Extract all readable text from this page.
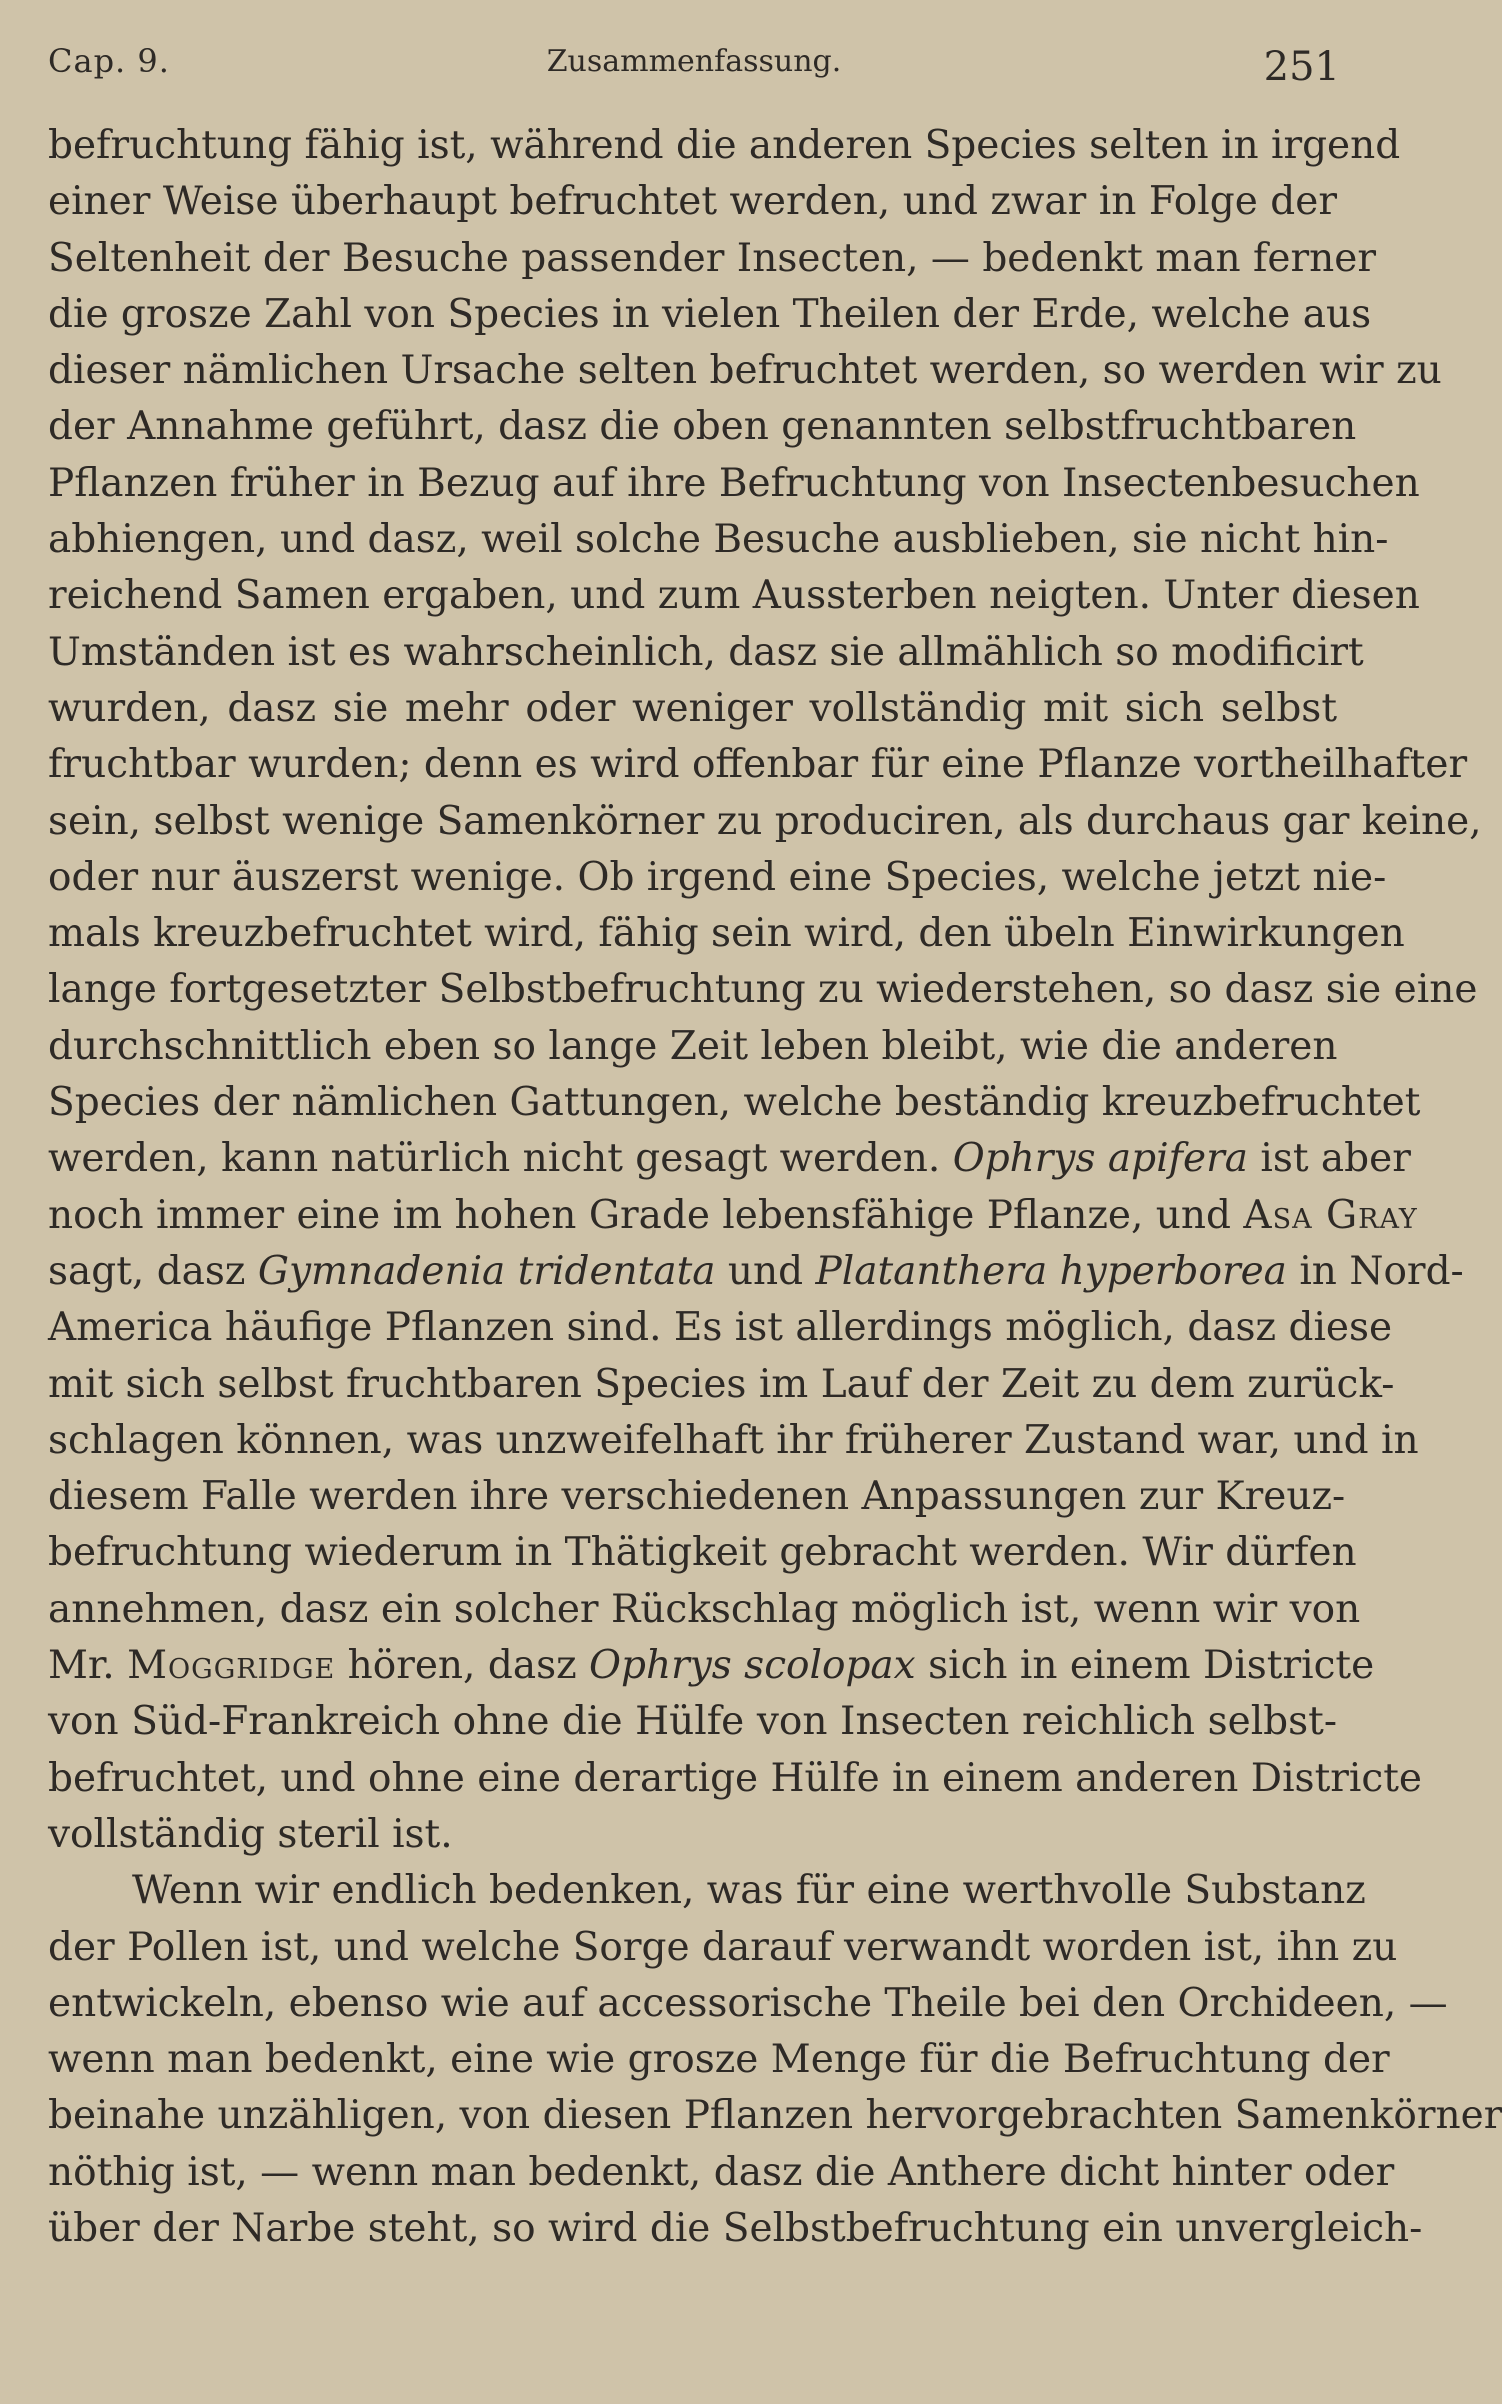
Cap. 9.	Zusammenfassung.	251
befruchtung fähig ist, während die anderen Species selten in irgend
einer Weise überhaupt befruchtet werden, und zwar in Folge der
Seltenheit der Besuche passender Insecten, — bedenkt man ferner
die grosze Zahl von Species in vielen Theilen der Erde, welche aus
dieser nämlichen Ursache selten befruchtet werden, so werden wir zu
der Annahme geführt, dasz die oben genannten selbstfruchtbaren
Pflanzen früher in Bezug auf ihre Befruchtung von Insectenbesuchen
abhiengen, und dasz, weil solche Besuche ausblieben, sie nicht hin-
reichend Samen ergaben, und zum Aussterben neigten. Unter diesen
Umständen ist es wahrscheinlich, dasz sie allmählich so modificirt
wurden, dasz sie mehr oder weniger vollständig mit sich selbst
fruchtbar wurden; denn es wird offenbar für eine Pflanze vortheilhafter
sein, selbst wenige Samenkörner zu produciren, als durchaus gar keine,
oder nur äuszerst wenige. Ob irgend eine Species, welche jetzt nie-
mals kreuzbefruchtet wird, fähig sein wird, den übeln Einwirkungen
lange fortgesetzter Selbstbefruchtung zu wiederstehen, so dasz sie eine
durchschnittlich eben so lange Zeit leben bleibt, wie die anderen
Species der nämlichen Gattungen, welche beständig kreuzbefruchtet
werden, kann natürlich nicht gesagt werden. Ophrys apifera ist aber
noch immer eine im hohen Grade lebensfähige Pflanze, und Asa Gray
sagt, dasz Gymnadenia tridentata und Platanthera hyperborea in Nord-
America häufige Pflanzen sind. Es ist allerdings möglich, dasz diese
mit sich selbst fruchtbaren Species im Lauf der Zeit zu dem zurück-
schlagen können, was unzweifelhaft ihr früherer Zustand war, und in
diesem Falle werden ihre verschiedenen Anpassungen zur Kreuz-
befruchtung wiederum in Thätigkeit gebracht werden. Wir dürfen
annehmen, dasz ein solcher Rückschlag möglich ist, wenn wir von
Mr. Moggridge hören, dasz Ophrys scolopax sich in einem Districte
von Süd-Frankreich ohne die Hülfe von Insecten reichlich selbst-
befruchtet, und ohne eine derartige Hülfe in einem anderen Districte
vollständig steril ist.
Wenn wir endlich bedenken, was für eine werthvolle Substanz
der Pollen ist, und welche Sorge darauf verwandt worden ist, ihn zu
entwickeln, ebenso wie auf accessorische Theile bei den Orchideen, —
wenn man bedenkt, eine wie grosze Menge für die Befruchtung der
beinahe unzähligen, von diesen Pflanzen hervorgebrachten Samenkörner
nöthig ist, — wenn man bedenkt, dasz die Anthere dicht hinter oder
über der Narbe steht, so wird die Selbstbefruchtung ein unvergleich-
